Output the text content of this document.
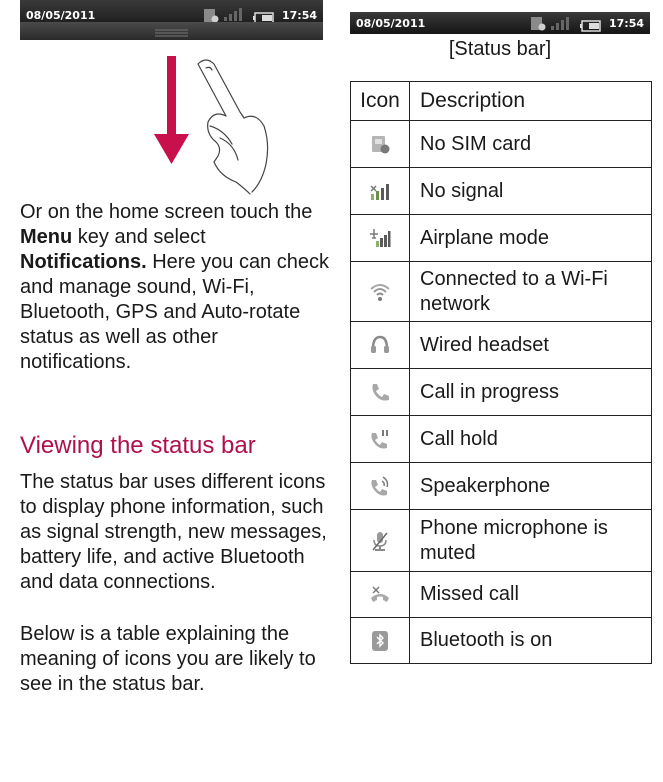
08/05/2011	17:54

Or on the home screen touch the Menu key and select Notifications. Here you can check and manage sound, Wi-Fi, Bluetooth, GPS and Auto-rotate status as well as other notifications.

Viewing the status bar

The status bar uses different icons to display phone information, such as signal strength, new messages, battery life, and active Bluetooth and data connections.

Below is a table explaining the meaning of icons you are likely to see in the status bar.

08/05/2011	17:54
[Status bar]
Icon	Description
	No SIM card
	No signal
	Airplane mode
	Connected to a Wi-Fi network
	Wired headset
	Call in progress
	Call hold
	Speakerphone
	Phone microphone is muted
	Missed call
	Bluetooth is on
